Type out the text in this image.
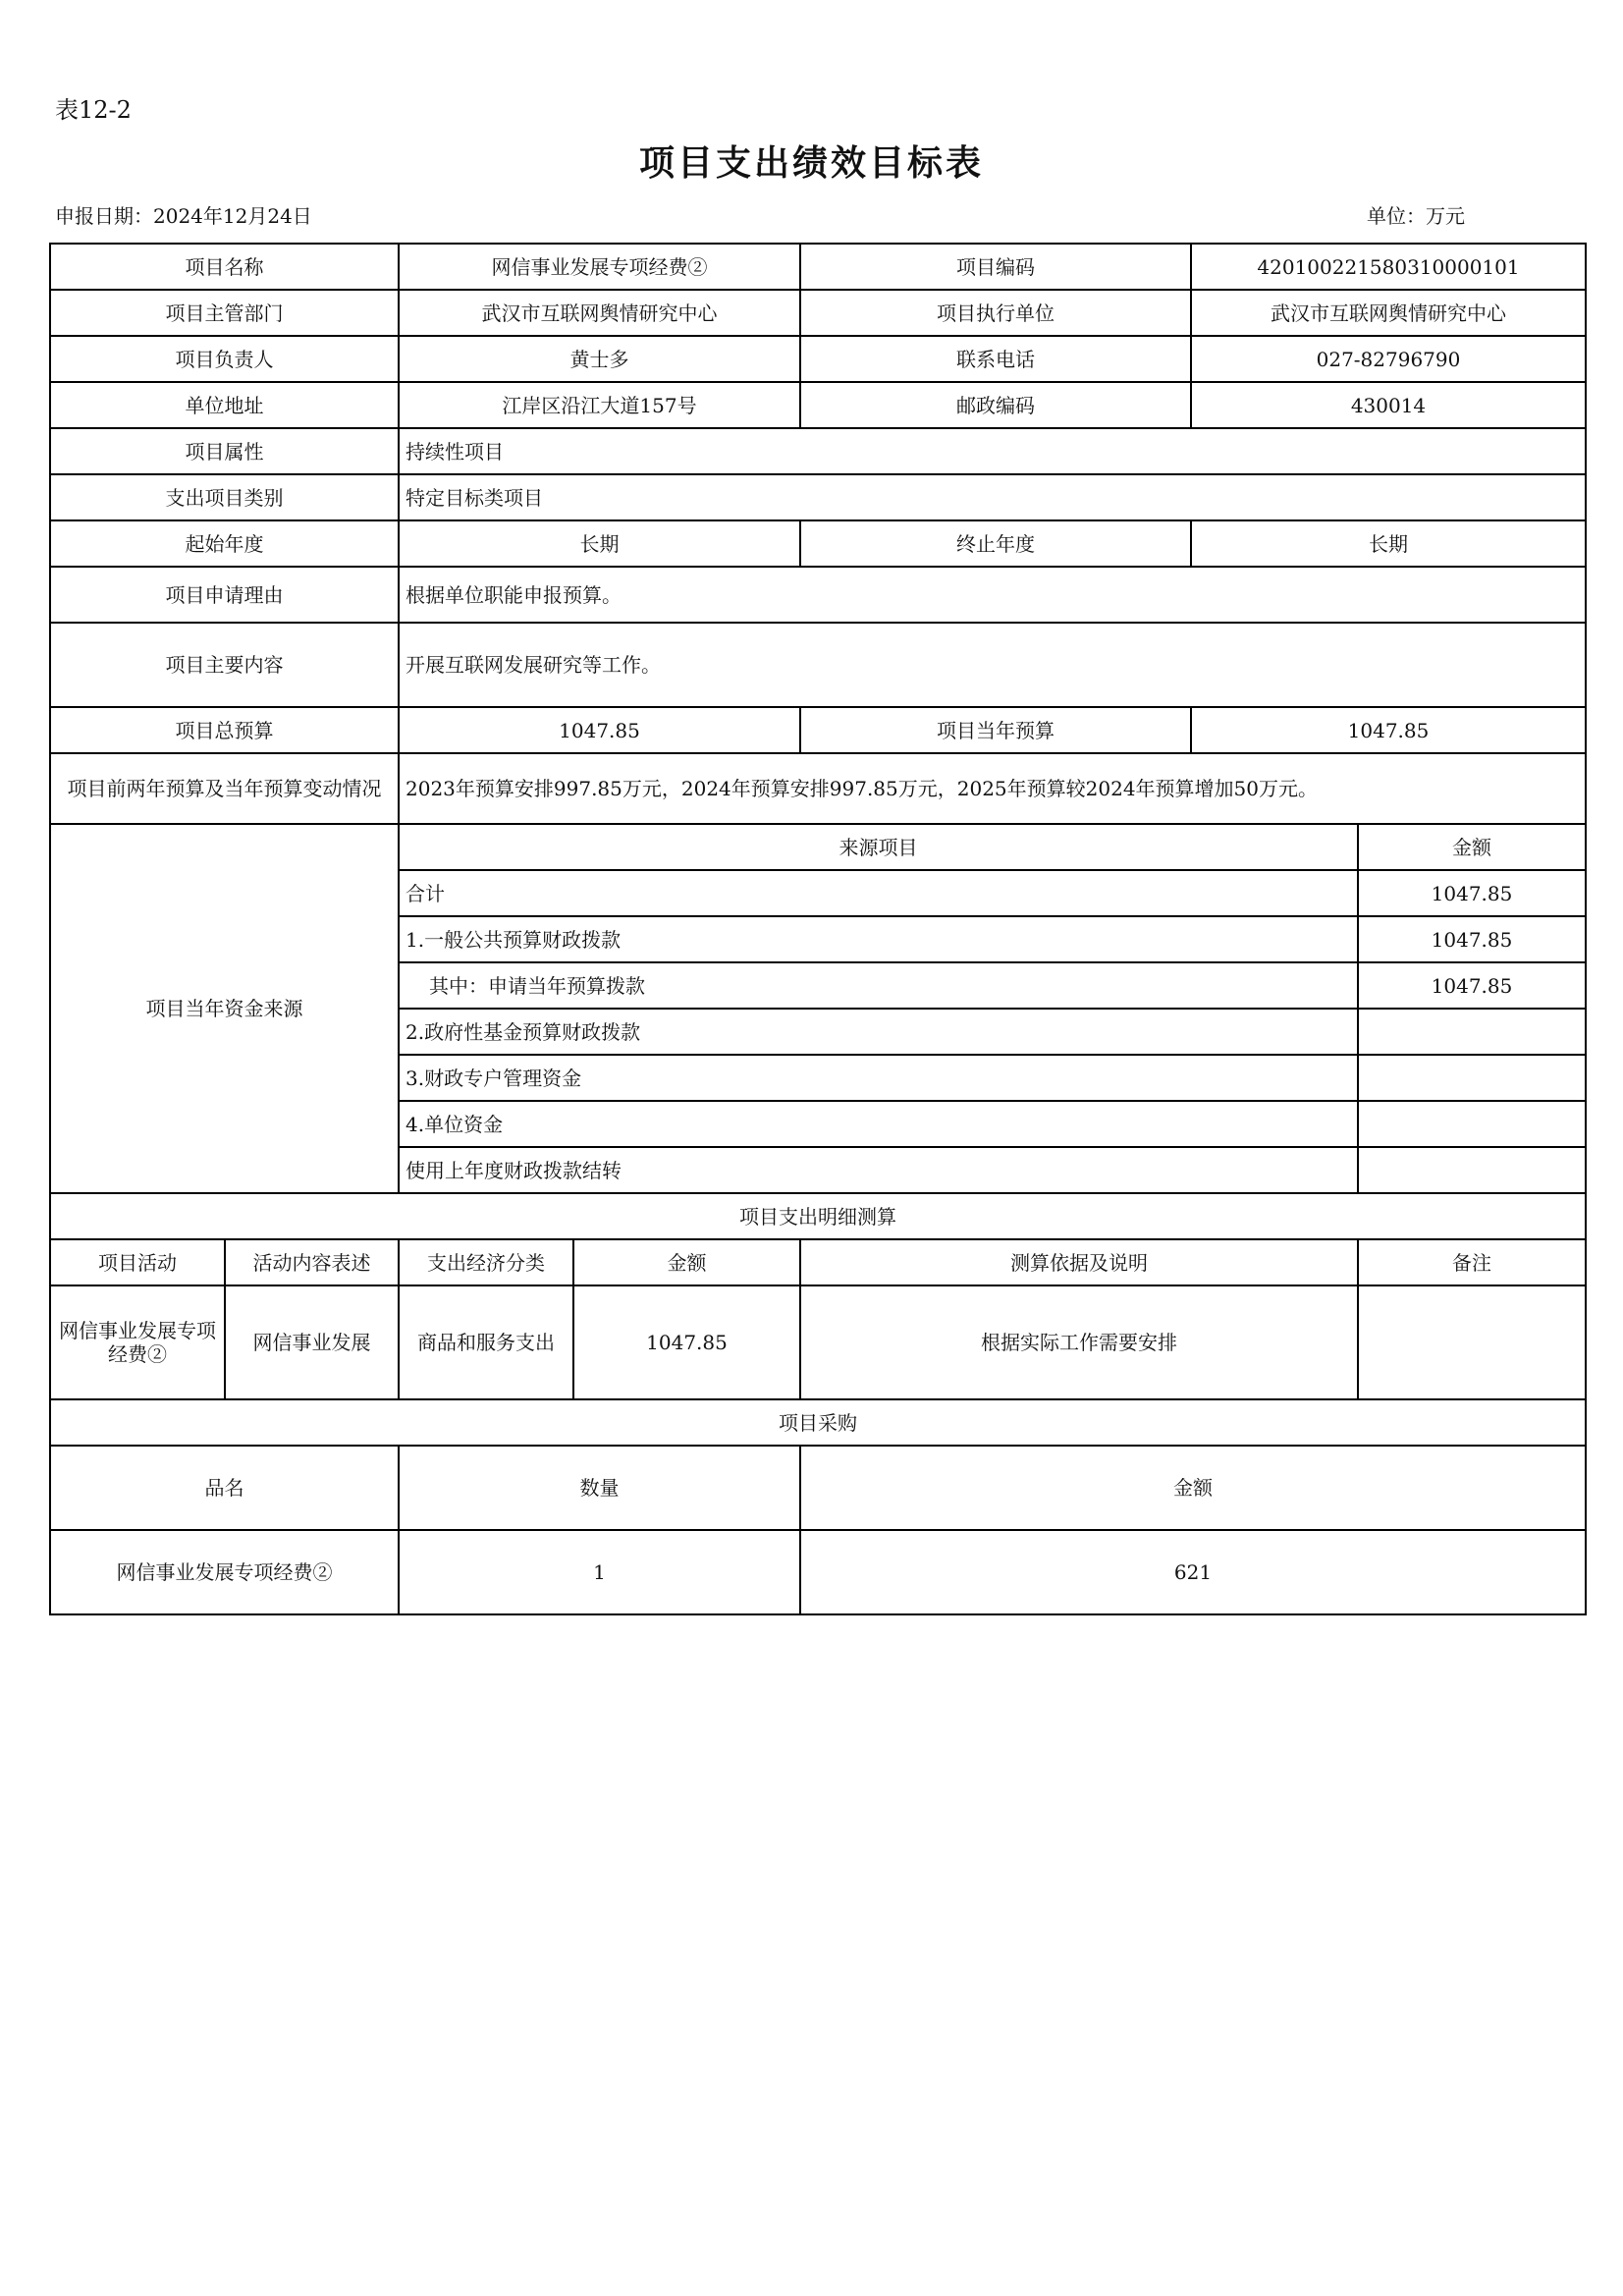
表12-2
项目支出绩效目标表
申报日期：2024年12月24日	单位：万元
项目名称		网信事业发展专项经费②		项目编码	420100221580310000101	
项目主管部门		武汉市互联网舆情研究中心		项目执行单位	武汉市互联网舆情研究中心	
项目负责人		黄士多		联系电话	027-82796790	
单位地址		江岸区沿江大道157号		邮政编码	430014	
项目属性		持续性项目				
支出项目类别		特定目标类项目				
起始年度		长期		终止年度	长期	
项目申请理由		根据单位职能申报预算。				
项目主要内容		开展互联网发展研究等工作。				
项目总预算		1047.85		项目当年预算	1047.85	
项目前两年预算及当年预算变动情况		2023年预算安排997.85万元，2024年预算安排997.85万元，2025年预算较2024年预算增加50万元。				
项目当年资金来源		来源项目				金额
		合计				1047.85
		1.一般公共预算财政拨款				1047.85
		其中：申请当年预算拨款				1047.85
		2.政府性基金预算财政拨款				
		3.财政专户管理资金				
		4.单位资金				
		使用上年度财政拨款结转				
项目支出明细测算						
项目活动	活动内容表述	支出经济分类	金额	测算依据及说明		备注
网信事业发展专项经费②	网信事业发展	商品和服务支出	1047.85	根据实际工作需要安排		
项目采购						
品名		数量		金额		
网信事业发展专项经费②		1		621		
